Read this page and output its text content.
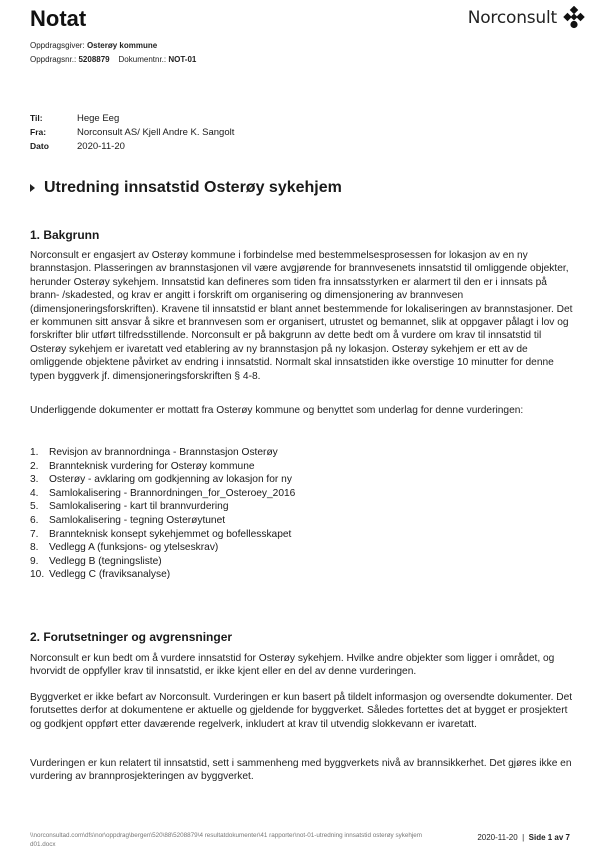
Notat	Norconsult
Oppdragsgiver: Osterøy kommune
Oppdragsnr.: 5208879 Dokumentnr.: NOT-01
Til:	Hege Eeg
Fra:	Norconsult AS/ Kjell Andre K. Sangolt
Dato	2020-11-20
Utredning innsatstid Osterøy sykehjem
1. Bakgrunn
Norconsult er engasjert av Osterøy kommune i forbindelse med bestemmelsesprosessen for lokasjon av en ny brannstasjon. Plasseringen av brannstasjonen vil være avgjørende for brannvesenets innsatstid til omliggende objekter, herunder Osterøy sykehjem. Innsatstid kan defineres som tiden fra innsatsstyrken er alarmert til den er i innsats på brann- /skadested, og krav er angitt i forskrift om organisering og dimensjonering av brannvesen (dimensjoneringsforskriften). Kravene til innsatstid er blant annet bestemmende for lokaliseringen av brannstasjoner. Det er kommunen sitt ansvar å sikre et brannvesen som er organisert, utrustet og bemannet, slik at oppgaver pålagt i lov og forskrifter blir utført tilfredsstillende. Norconsult er på bakgrunn av dette bedt om å vurdere om krav til innsatstid til Osterøy sykehjem er ivaretatt ved etablering av ny brannstasjon på ny lokasjon. Osterøy sykehjem er ett av de omliggende objektene påvirket av endring i innsatstid. Normalt skal innsatstiden ikke overstige 10 minutter for denne typen byggverk jf. dimensjoneringsforskriften § 4-8.
Underliggende dokumenter er mottatt fra Osterøy kommune og benyttet som underlag for denne vurderingen:
1.	Revisjon av brannordninga - Brannstasjon Osterøy
2.	Brannteknisk vurdering for Osterøy kommune
3.	Osterøy - avklaring om godkjenning av lokasjon for ny
4.	Samlokalisering - Brannordningen_for_Osteroey_2016
5.	Samlokalisering - kart til brannvurdering
6.	Samlokalisering - tegning Osterøytunet
7.	Brannteknisk konsept sykehjemmet og bofellesskapet
8.	Vedlegg A (funksjons- og ytelseskrav)
9.	Vedlegg B (tegningsliste)
10. Vedlegg C (fraviksanalyse)
2. Forutsetninger og avgrensninger
Norconsult er kun bedt om å vurdere innsatstid for Osterøy sykehjem. Hvilke andre objekter som ligger i området, og hvorvidt de oppfyller krav til innsatstid, er ikke kjent eller en del av denne vurderingen.
Byggverket er ikke befart av Norconsult. Vurderingen er kun basert på tildelt informasjon og oversendte dokumenter. Det forutsettes derfor at dokumentene er aktuelle og gjeldende for byggverket. Således fortettes det at bygget er prosjektert og godkjent oppført etter daværende regelverk, inkludert at krav til utvendig slokkevann er ivaretatt.
Vurderingen er kun relatert til innsatstid, sett i sammenheng med byggverkets nivå av brannsikkerhet. Det gjøres ikke en vurdering av brannprosjekteringen av byggverket.
\\norconsultad.com\dfs\nor\oppdrag\bergen\520\88\5208879\4 resultatdokumenter\41 rapporter\not-01-utredning innsatstid osterøy sykehjem d01.docx
2020-11-20 | Side 1 av 7
